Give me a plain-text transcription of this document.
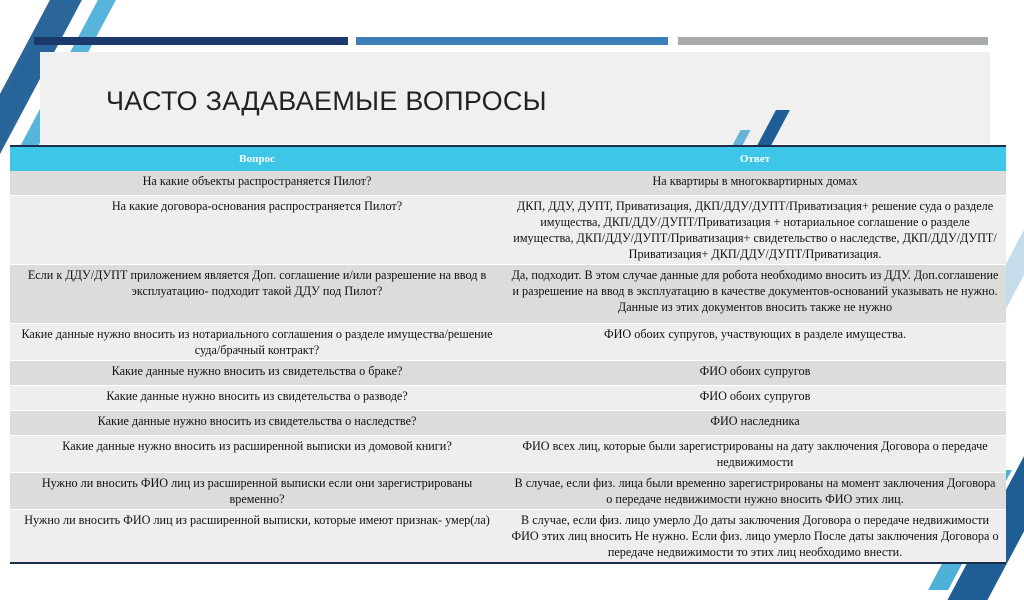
ЧАСТО ЗАДАВАЕМЫЕ ВОПРОСЫ
Вопрос	Ответ
На какие объекты распространяется Пилот?	На квартиры в многоквартирных домах
На какие договора-основания распространяется Пилот?	ДКП, ДДУ, ДУПТ, Приватизация, ДКП/ДДУ/ДУПТ/Приватизация+ решение суда о разделе имущества, ДКП/ДДУ/ДУПТ/Приватизация + нотариальное соглашение о разделе имущества, ДКП/ДДУ/ДУПТ/Приватизация+ свидетельство о наследстве, ДКП/ДДУ/ДУПТ/Приватизация+ ДКП/ДДУ/ДУПТ/Приватизация.
Если к ДДУ/ДУПТ приложением является Доп. соглашение и/или разрешение на ввод в эксплуатацию- подходит такой ДДУ под Пилот?	Да, подходит. В этом случае данные для робота необходимо вносить из ДДУ. Доп.соглашение и разрешение на ввод в эксплуатацию в качестве документов-оснований указывать не нужно. Данные из этих документов вносить также не нужно
Какие данные нужно вносить из нотариального соглашения о разделе имущества/решение суда/брачный контракт?	ФИО обоих супругов, участвующих в разделе имущества.
Какие данные нужно вносить из свидетельства о браке?	ФИО обоих супругов
Какие данные нужно вносить из свидетельства о разводе?	ФИО обоих супругов
Какие данные нужно вносить из свидетельства о наследстве?	ФИО наследника
Какие данные нужно вносить из расширенной выписки из домовой книги?	ФИО всех лиц, которые были зарегистрированы на дату заключения Договора о передаче недвижимости
Нужно ли вносить ФИО лиц из расширенной выписки если они зарегистрированы временно?	В случае, если физ. лица были временно зарегистрированы на момент заключения Договора о передаче недвижимости нужно вносить ФИО этих лиц.
Нужно ли вносить ФИО лиц из расширенной выписки, которые имеют признак- умер(ла)	В случае, если физ. лицо умерло До даты заключения Договора о передаче недвижимости ФИО этих лиц вносить Не нужно. Если физ. лицо умерло После даты заключения Договора о передаче недвижимости то этих лиц необходимо внести.
